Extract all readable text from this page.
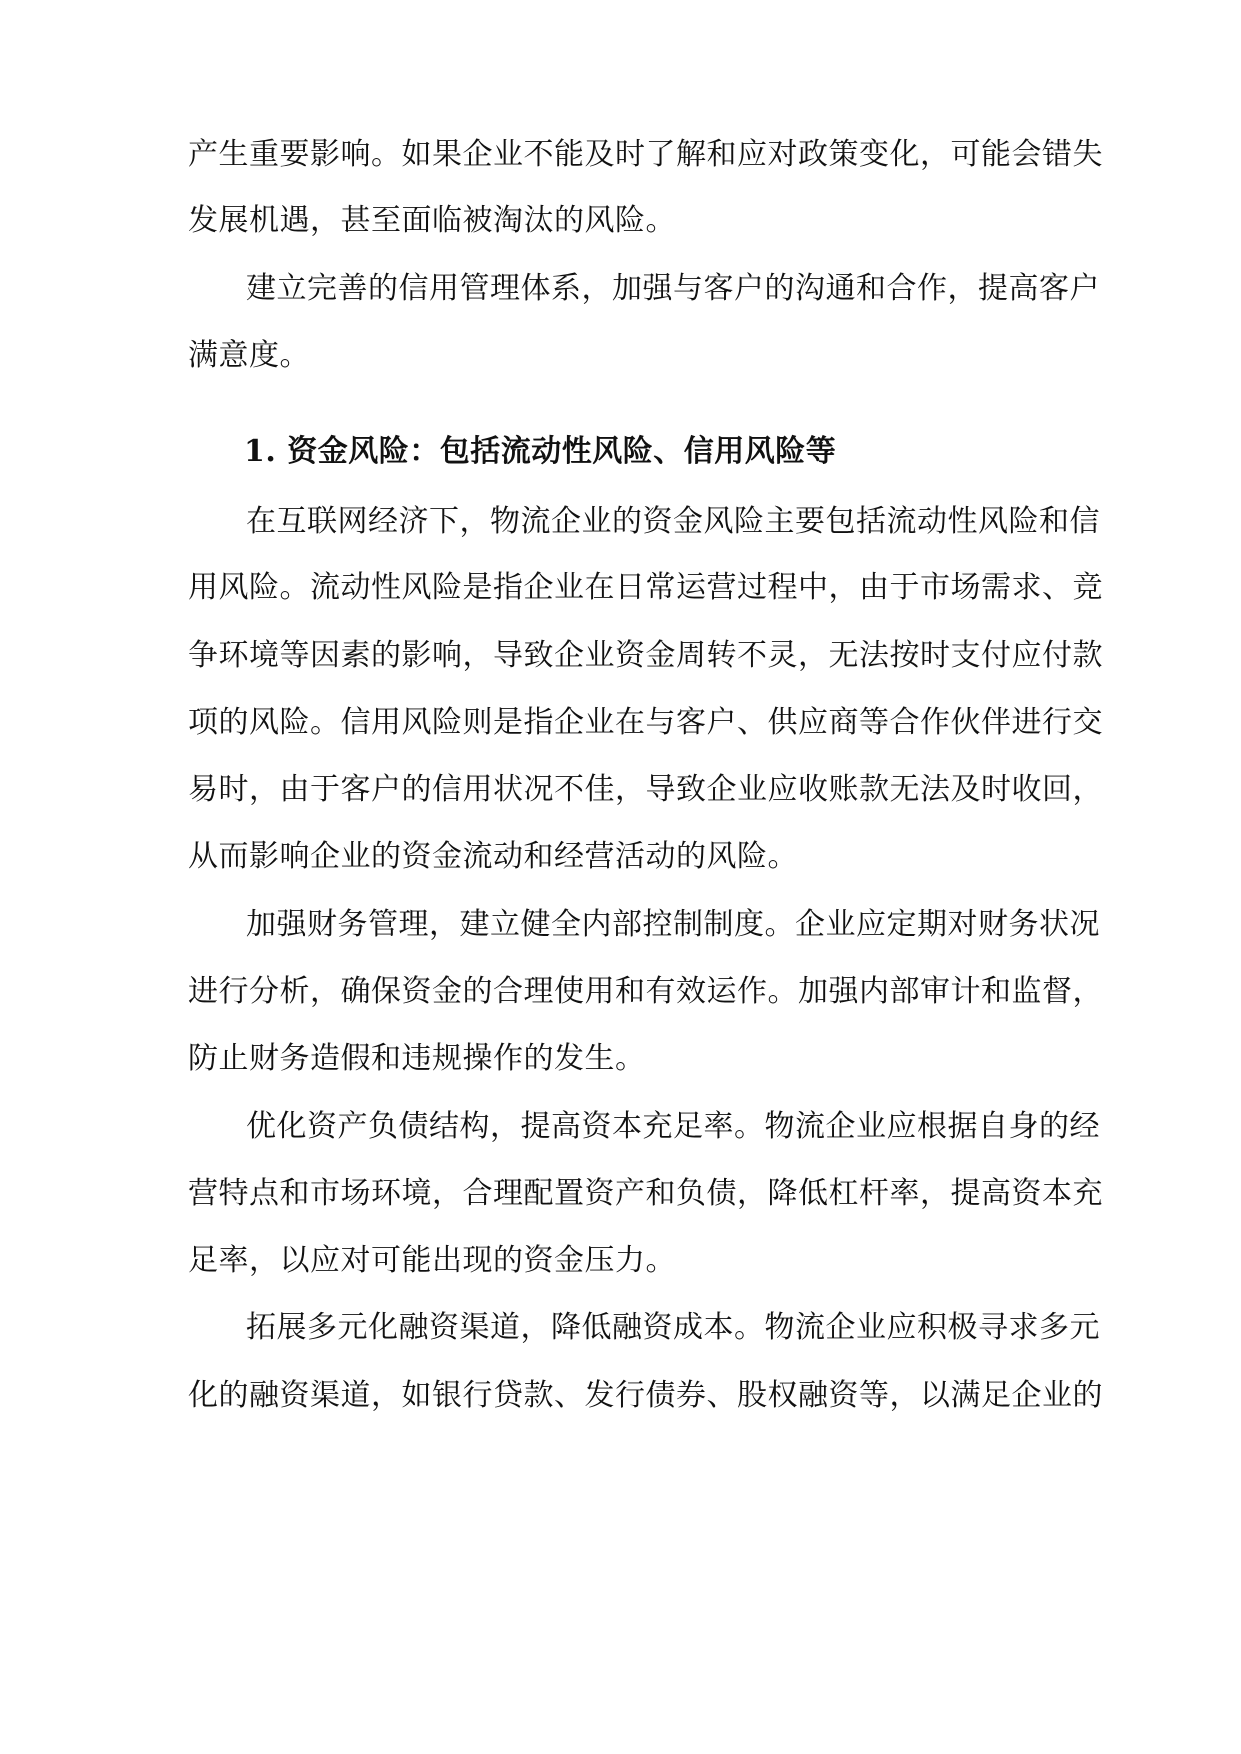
产生重要影响。如果企业不能及时了解和应对政策变化，可能会错失
发展机遇，甚至面临被淘汰的风险。
建立完善的信用管理体系，加强与客户的沟通和合作，提高客户
满意度。
1. 资金风险：包括流动性风险、信用风险等
在互联网经济下，物流企业的资金风险主要包括流动性风险和信
用风险。流动性风险是指企业在日常运营过程中，由于市场需求、竞
争环境等因素的影响，导致企业资金周转不灵，无法按时支付应付款
项的风险。信用风险则是指企业在与客户、供应商等合作伙伴进行交
易时，由于客户的信用状况不佳，导致企业应收账款无法及时收回，
从而影响企业的资金流动和经营活动的风险。
加强财务管理，建立健全内部控制制度。企业应定期对财务状况
进行分析，确保资金的合理使用和有效运作。加强内部审计和监督，
防止财务造假和违规操作的发生。
优化资产负债结构，提高资本充足率。物流企业应根据自身的经
营特点和市场环境，合理配置资产和负债，降低杠杆率，提高资本充
足率，以应对可能出现的资金压力。
拓展多元化融资渠道，降低融资成本。物流企业应积极寻求多元
化的融资渠道，如银行贷款、发行债券、股权融资等，以满足企业的
